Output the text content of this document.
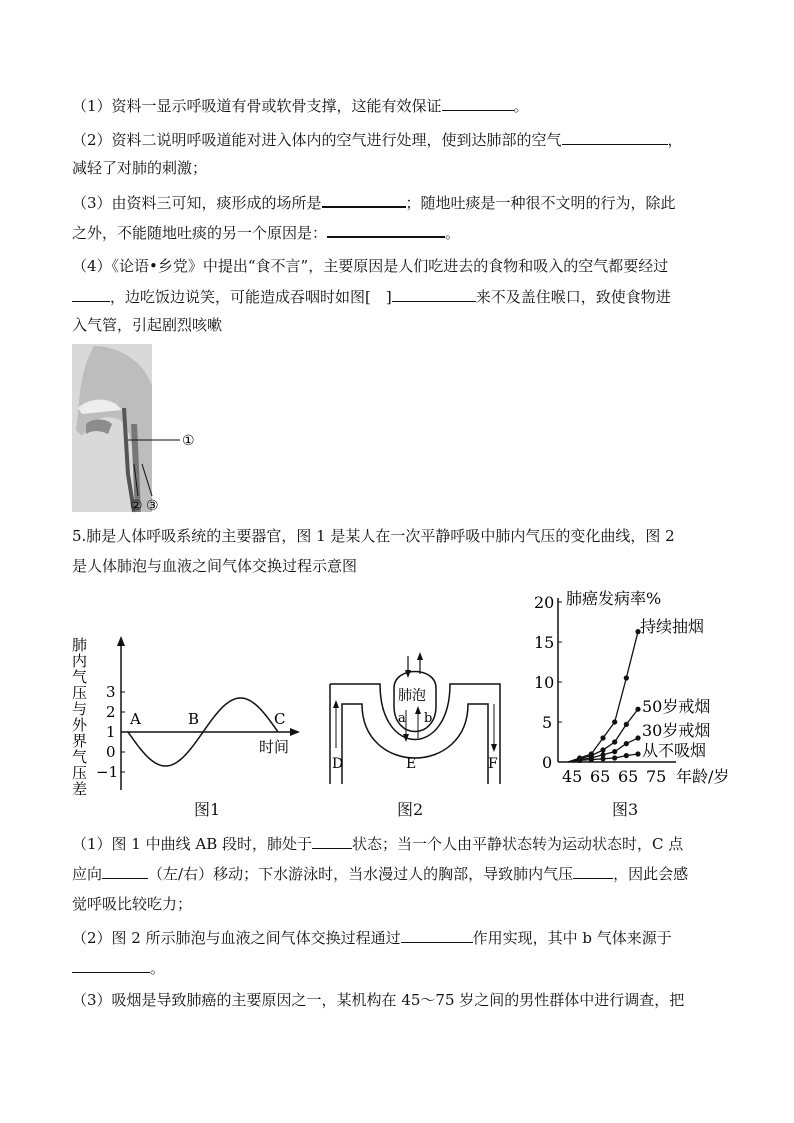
（1）资料一显示呼吸道有骨或软骨支撑，这能有效保证	。
（2）资料二说明呼吸道能对进入体内的空气进行处理，使到达肺部的空气	，
减轻了对肺的刺激；
（3）由资料三可知，痰形成的场所是	；随地吐痰是一种很不文明的行为，除此
之外，不能随地吐痰的另一个原因是：	。
（4）《论语•乡党》中提出“食不言”，主要原因是人们吃进去的食物和吸入的空气都要经过
，边吃饭边说笑，可能造成吞咽时如图[　]	来不及盖住喉口，致使食物进
入气管，引起剧烈咳嗽
①
② ③
5.肺是人体呼吸系统的主要器官，图 1 是某人在一次平静呼吸中肺内气压的变化曲线，图 2
是人体肺泡与血液之间气体交换过程示意图
肺
内
气
压
与
外
界
气
压
差
3
2
1
0
−1
A	B	C
时间
图1
肺泡
a b
D	E	F
图2
肺癌发病率%
20
15
10
5
0
45 65 65 75 年龄/岁
持续抽烟
50岁戒烟
30岁戒烟
从不吸烟
图3
（1）图 1 中曲线 AB 段时，肺处于	状态；当一个人由平静状态转为运动状态时，C 点
应向	（左/右）移动；下水游泳时，当水漫过人的胸部，导致肺内气压	，因此会感
觉呼吸比较吃力；
（2）图 2 所示肺泡与血液之间气体交换过程通过	作用实现，其中 b 气体来源于
。
（3）吸烟是导致肺癌的主要原因之一，某机构在 45～75 岁之间的男性群体中进行调查，把
